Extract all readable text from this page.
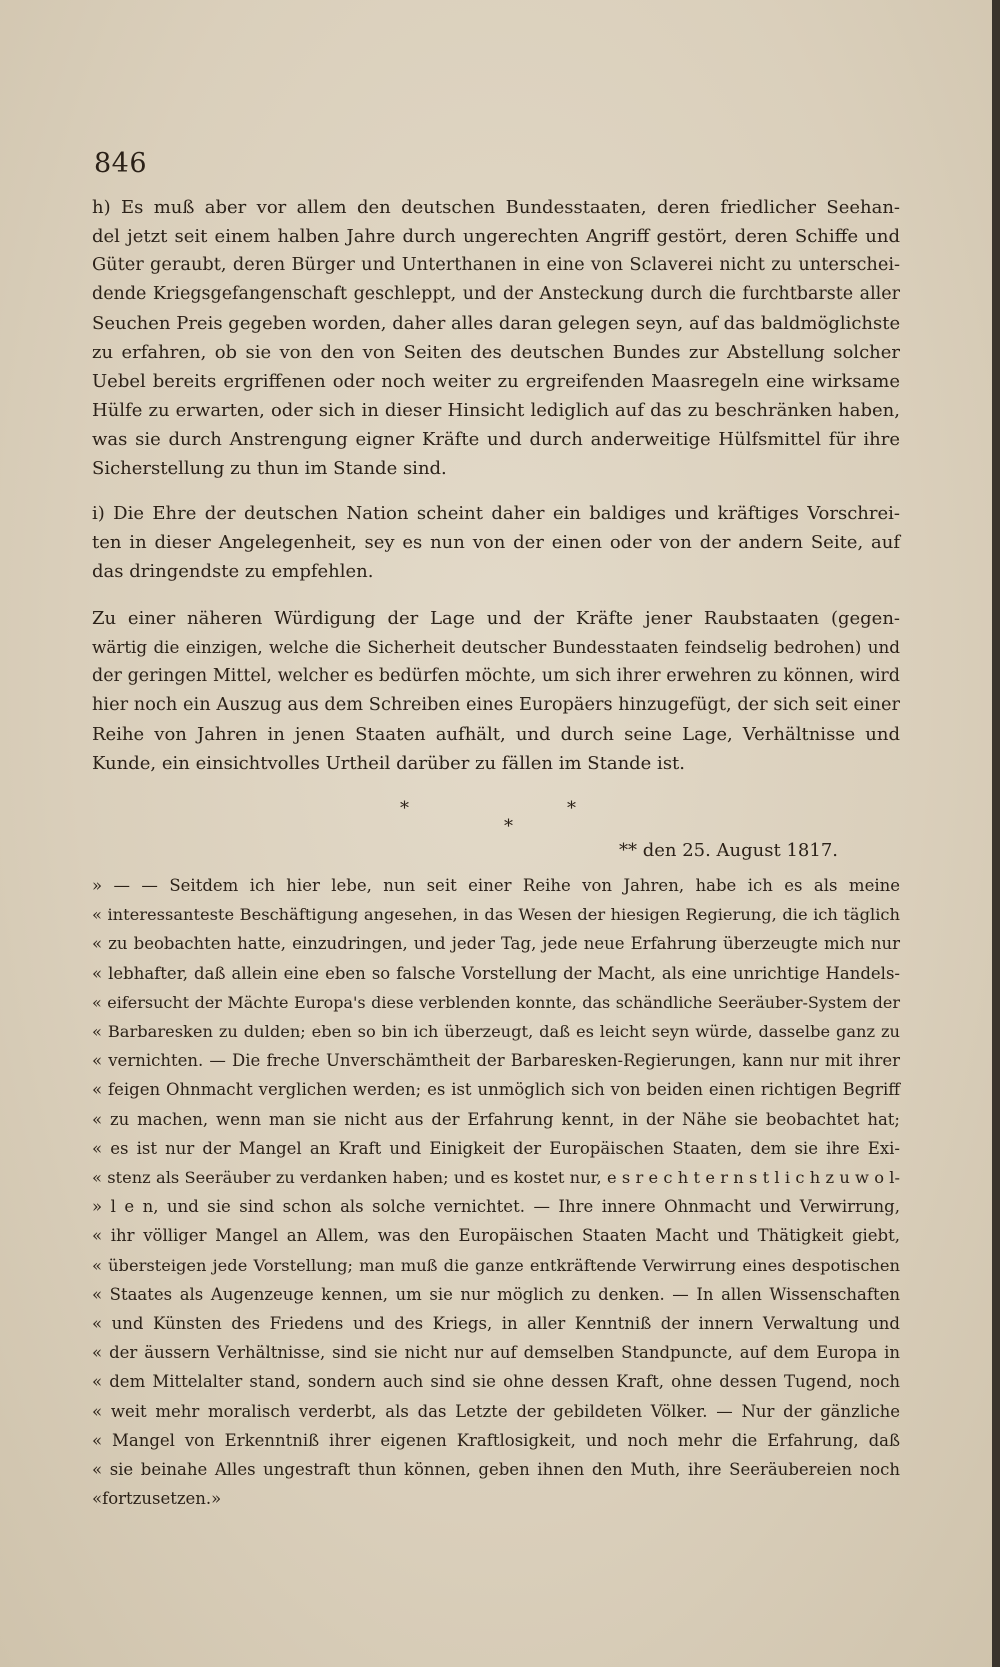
846
h) Es muß aber vor allem den deutschen Bundesstaaten, deren friedlicher Seehan-
del jetzt seit einem halben Jahre durch ungerechten Angriff gestört, deren Schiffe und
Güter geraubt, deren Bürger und Unterthanen in eine von Sclaverei nicht zu unterschei-
dende Kriegsgefangenschaft geschleppt, und der Ansteckung durch die furchtbarste aller
Seuchen Preis gegeben worden, daher alles daran gelegen seyn, auf das baldmöglichste
zu erfahren, ob sie von den von Seiten des deutschen Bundes zur Abstellung solcher
Uebel bereits ergriffenen oder noch weiter zu ergreifenden Maasregeln eine wirksame
Hülfe zu erwarten, oder sich in dieser Hinsicht lediglich auf das zu beschränken haben,
was sie durch Anstrengung eigner Kräfte und durch anderweitige Hülfsmittel für ihre
Sicherstellung zu thun im Stande sind.
i) Die Ehre der deutschen Nation scheint daher ein baldiges und kräftiges Vorschrei-
ten in dieser Angelegenheit, sey es nun von der einen oder von der andern Seite, auf
das dringendste zu empfehlen.
Zu einer näheren Würdigung der Lage und der Kräfte jener Raubstaaten (gegen-
wärtig die einzigen, welche die Sicherheit deutscher Bundesstaaten feindselig bedrohen) und
der geringen Mittel, welcher es bedürfen möchte, um sich ihrer erwehren zu können, wird
hier noch ein Auszug aus dem Schreiben eines Europäers hinzugefügt, der sich seit einer
Reihe von Jahren in jenen Staaten aufhält, und durch seine Lage, Verhältnisse und
Kunde, ein einsichtvolles Urtheil darüber zu fällen im Stande ist.
*	*
*
** den 25. August 1817.
» — — Seitdem ich hier lebe, nun seit einer Reihe von Jahren, habe ich es als meine
« interessanteste Beschäftigung angesehen, in das Wesen der hiesigen Regierung, die ich täglich
« zu beobachten hatte, einzudringen, und jeder Tag, jede neue Erfahrung überzeugte mich nur
« lebhafter, daß allein eine eben so falsche Vorstellung der Macht, als eine unrichtige Handels-
« eifersucht der Mächte Europa's diese verblenden konnte, das schändliche Seeräuber-System der
« Barbaresken zu dulden; eben so bin ich überzeugt, daß es leicht seyn würde, dasselbe ganz zu
« vernichten. — Die freche Unverschämtheit der Barbaresken-Regierungen, kann nur mit ihrer
« feigen Ohnmacht verglichen werden; es ist unmöglich sich von beiden einen richtigen Begriff
« zu machen, wenn man sie nicht aus der Erfahrung kennt, in der Nähe sie beobachtet hat;
« es ist nur der Mangel an Kraft und Einigkeit der Europäischen Staaten, dem sie ihre Exi-
« stenz als Seeräuber zu verdanken haben; und es kostet nur, e s r e c h t e r n s t l i c h z u w o l-
» l e n, und sie sind schon als solche vernichtet. — Ihre innere Ohnmacht und Verwirrung,
« ihr völliger Mangel an Allem, was den Europäischen Staaten Macht und Thätigkeit giebt,
« übersteigen jede Vorstellung; man muß die ganze entkräftende Verwirrung eines despotischen
« Staates als Augenzeuge kennen, um sie nur möglich zu denken. — In allen Wissenschaften
« und Künsten des Friedens und des Kriegs, in aller Kenntniß der innern Verwaltung und
« der äussern Verhältnisse, sind sie nicht nur auf demselben Standpuncte, auf dem Europa in
« dem Mittelalter stand, sondern auch sind sie ohne dessen Kraft, ohne dessen Tugend, noch
« weit mehr moralisch verderbt, als das Letzte der gebildeten Völker. — Nur der gänzliche
« Mangel von Erkenntniß ihrer eigenen Kraftlosigkeit, und noch mehr die Erfahrung, daß
« sie beinahe Alles ungestraft thun können, geben ihnen den Muth, ihre Seeräubereien noch
«fortzusetzen.»
